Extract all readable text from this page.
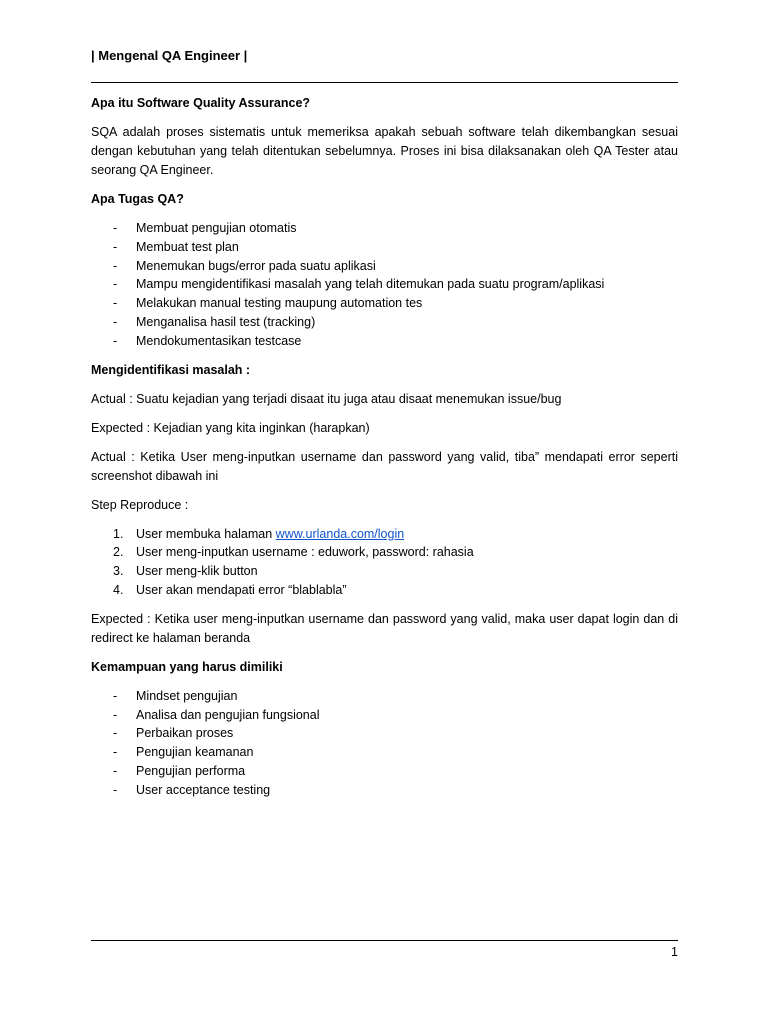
| Mengenal QA Engineer |

Apa itu Software Quality Assurance?

SQA adalah proses sistematis untuk memeriksa apakah sebuah software telah dikembangkan sesuai dengan kebutuhan yang telah ditentukan sebelumnya. Proses ini bisa dilaksanakan oleh QA Tester atau seorang QA Engineer.

Apa Tugas QA?

- Membuat pengujian otomatis
- Membuat test plan
- Menemukan bugs/error pada suatu aplikasi
- Mampu mengidentifikasi masalah yang telah ditemukan pada suatu program/aplikasi
- Melakukan manual testing maupung automation tes
- Menganalisa hasil test (tracking)
- Mendokumentasikan testcase

Mengidentifikasi masalah :

Actual : Suatu kejadian yang terjadi disaat itu juga atau disaat menemukan issue/bug

Expected : Kejadian yang kita inginkan (harapkan)

Actual : Ketika User meng-inputkan username dan password yang valid, tiba” mendapati error seperti screenshot dibawah ini

Step Reproduce :

1. User membuka halaman www.urlanda.com/login
2. User meng-inputkan username : eduwork, password: rahasia
3. User meng-klik button
4. User akan mendapati error “blablabla”

Expected : Ketika user meng-inputkan username dan password yang valid, maka user dapat login dan di redirect ke halaman beranda

Kemampuan yang harus dimiliki

- Mindset pengujian
- Analisa dan pengujian fungsional
- Perbaikan proses
- Pengujian keamanan
- Pengujian performa
- User acceptance testing
1
